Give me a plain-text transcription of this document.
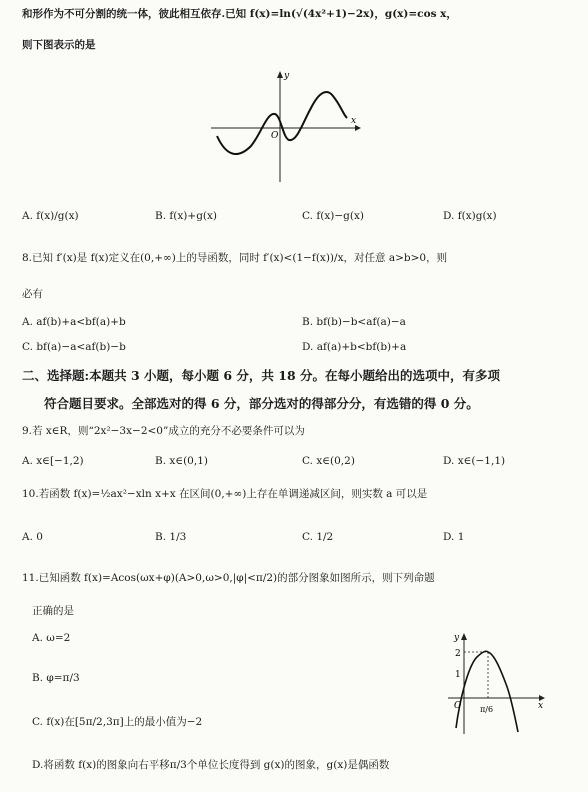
和形作为不可分割的统一体，彼此相互依存.已知 f(x)=ln(√(4x²+1)−2x)，g(x)=cos x，
则下图表示的是
x
y
O
A. f(x)/g(x)	B. f(x)+g(x)	C. f(x)−g(x)	D. f(x)g(x)
8.已知 f′(x)是 f(x)定义在(0,+∞)上的导函数，同时 f′(x)<(1−f(x))/x，对任意 a>b>0，则
必有
A. af(b)+a<bf(a)+b	B. bf(b)−b<af(a)−a
C. bf(a)−a<af(b)−b	D. af(a)+b<bf(b)+a
二、选择题:本题共 3 小题，每小题 6 分，共 18 分。在每小题给出的选项中，有多项
符合题目要求。全部选对的得 6 分，部分选对的得部分分，有选错的得 0 分。
9.若 x∈R，则“2x²−3x−2<0”成立的充分不必要条件可以为
A. x∈[−1,2)	B. x∈(0,1)	C. x∈(0,2)	D. x∈(−1,1)
10.若函数 f(x)=½ax²−xln x+x 在区间(0,+∞)上存在单调递减区间，则实数 a 可以是
A. 0	B. 1/3	C. 1/2	D. 1
11.已知函数 f(x)=Acos(ωx+φ)(A>0,ω>0,|φ|<π/2)的部分图象如图所示，则下列命题
正确的是
A. ω=2
B. φ=π/3
C. f(x)在[5π/2,3π]上的最小值为−2
D.将函数 f(x)的图象向右平移π/3个单位长度得到 g(x)的图象，g(x)是偶函数
2
1
O	x
y
π/6
